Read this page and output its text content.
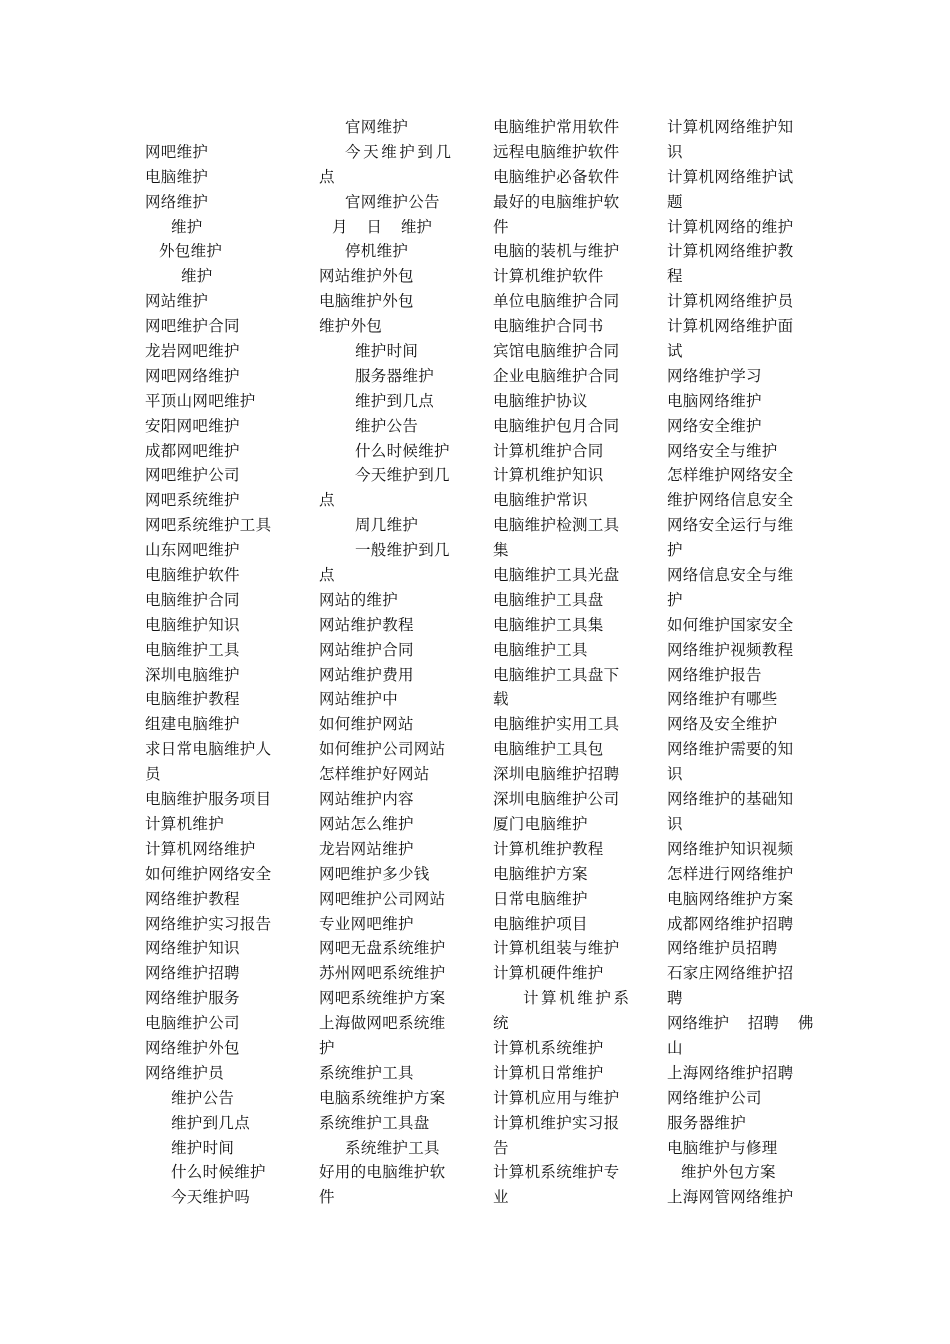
网吧维护
电脑维护
网络维护
维护
外包维护
维护
网站维护
网吧维护合同
龙岩网吧维护
网吧网络维护
平顶山网吧维护
安阳网吧维护
成都网吧维护
网吧维护公司
网吧系统维护
网吧系统维护工具
山东网吧维护
电脑维护软件
电脑维护合同
电脑维护知识
电脑维护工具
深圳电脑维护
电脑维护教程
组建电脑维护
求日常电脑维护人
员
电脑维护服务项目
计算机维护
计算机网络维护
如何维护网络安全
网络维护教程
网络维护实习报告
网络维护知识
网络维护招聘
网络维护服务
电脑维护公司
网络维护外包
网络维护员
维护公告
维护到几点
维护时间
什么时候维护
今天维护吗
官网维护
今天维护到几
点
官网维护公告
月 日 维护
停机维护
网站维护外包
电脑维护外包
维护外包
维护时间
服务器维护
维护到几点
维护公告
什么时候维护
今天维护到几
点
周几维护
一般维护到几
点
网站的维护
网站维护教程
网站维护合同
网站维护费用
网站维护中
如何维护网站
如何维护公司网站
怎样维护好网站
网站维护内容
网站怎么维护
龙岩网站维护
网吧维护多少钱
网吧维护公司网站
专业网吧维护
网吧无盘系统维护
苏州网吧系统维护
网吧系统维护方案
上海做网吧系统维
护
系统维护工具
电脑系统维护方案
系统维护工具盘
系统维护工具
好用的电脑维护软
件
电脑维护常用软件
远程电脑维护软件
电脑维护必备软件
最好的电脑维护软
件
电脑的装机与维护
计算机维护软件
单位电脑维护合同
电脑维护合同书
宾馆电脑维护合同
企业电脑维护合同
电脑维护协议
电脑维护包月合同
计算机维护合同
计算机维护知识
电脑维护常识
电脑维护检测工具
集
电脑维护工具光盘
电脑维护工具盘
电脑维护工具集
电脑维护工具
电脑维护工具盘下
载
电脑维护实用工具
电脑维护工具包
深圳电脑维护招聘
深圳电脑维护公司
厦门电脑维护
计算机维护教程
电脑维护方案
日常电脑维护
电脑维护项目
计算机组装与维护
计算机硬件维护
计算机维护系
统
计算机系统维护
计算机日常维护
计算机应用与维护
计算机维护实习报
告
计算机系统维护专
业
计算机网络维护知
识
计算机网络维护试
题
计算机网络的维护
计算机网络维护教
程
计算机网络维护员
计算机网络维护面
试
网络维护学习
电脑网络维护
网络安全维护
网络安全与维护
怎样维护网络安全
维护网络信息安全
网络安全运行与维
护
网络信息安全与维
护
如何维护国家安全
网络维护视频教程
网络维护报告
网络维护有哪些
网络及安全维护
网络维护需要的知
识
网络维护的基础知
识
网络维护知识视频
怎样进行网络维护
电脑网络维护方案
成都网络维护招聘
网络维护员招聘
石家庄网络维护招
聘
网络维护 招聘 佛
山
上海网络维护招聘
网络维护公司
服务器维护
电脑维护与修理
维护外包方案
上海网管网络维护
